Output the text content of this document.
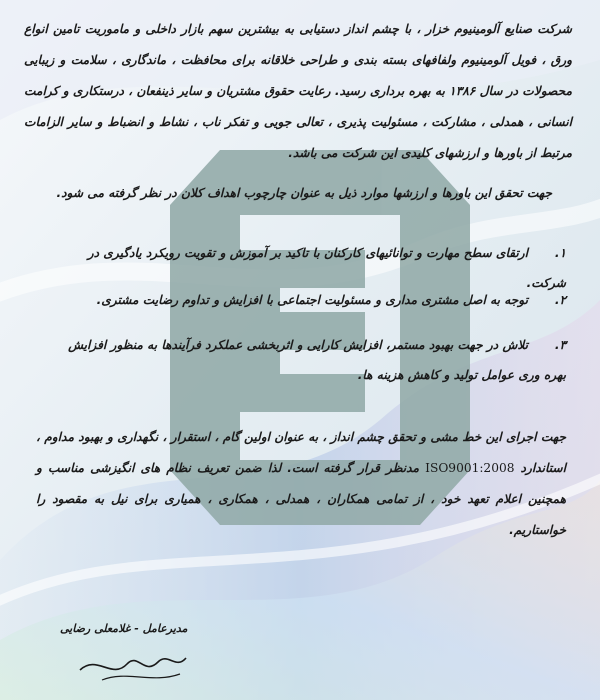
شرکت صنایع آلومینیوم خزار ، با چشم انداز دستیابی به بیشترین سهم بازار داخلی و ماموریت تامین انواع ورق ، فویل آلومینیوم ولفافهای بسته بندی و طراحی خلاقانه برای محافظت ، ماندگاری ، سلامت و زیبایی محصولات در سال ۱۳۸۶ به بهره برداری رسید. رعایت حقوق مشتریان و سایر ذینفعان ، درستکاری و کرامت انسانی ، همدلی ، مشارکت ، مسئولیت پذیری ، تعالی جویی و تفکر ناب ، نشاط و انضباط و سایر الزامات مرتبط از باورها و ارزشهای کلیدی این شرکت می باشد.
جهت تحقق این باورها و ارزشها موارد ذیل به عنوان چارچوب اهداف کلان در نظر گرفته می شود.
۱.ارتقای سطح مهارت و توانائیهای کارکنان با تاکید بر آموزش و تقویت رویکرد یادگیری در شرکت.
۲.توجه به اصل مشتری مداری و مسئولیت اجتماعی با افزایش و تداوم رضایت مشتری.
۳.تلاش در جهت بهبود مستمر، افزایش کارایی و اثربخشی عملکرد فرآیندها به منظور افزایش بهره وری عوامل تولید و کاهش هزینه ها.
جهت اجرای این خط مشی و تحقق چشم انداز ، به عنوان اولین گام ، استقرار ، نگهداری و بهبود مداوم ، استاندارد ISO9001:2008 مدنظر قرار گرفته است. لذا ضمن تعریف نظام های انگیزشی مناسب و همچنین اعلام تعهد خود ، از تمامی همکاران ، همدلی ، همکاری ، همیاری برای نیل به مقصود را خواستاریم.
مدیرعامل - غلامعلی رضایی
